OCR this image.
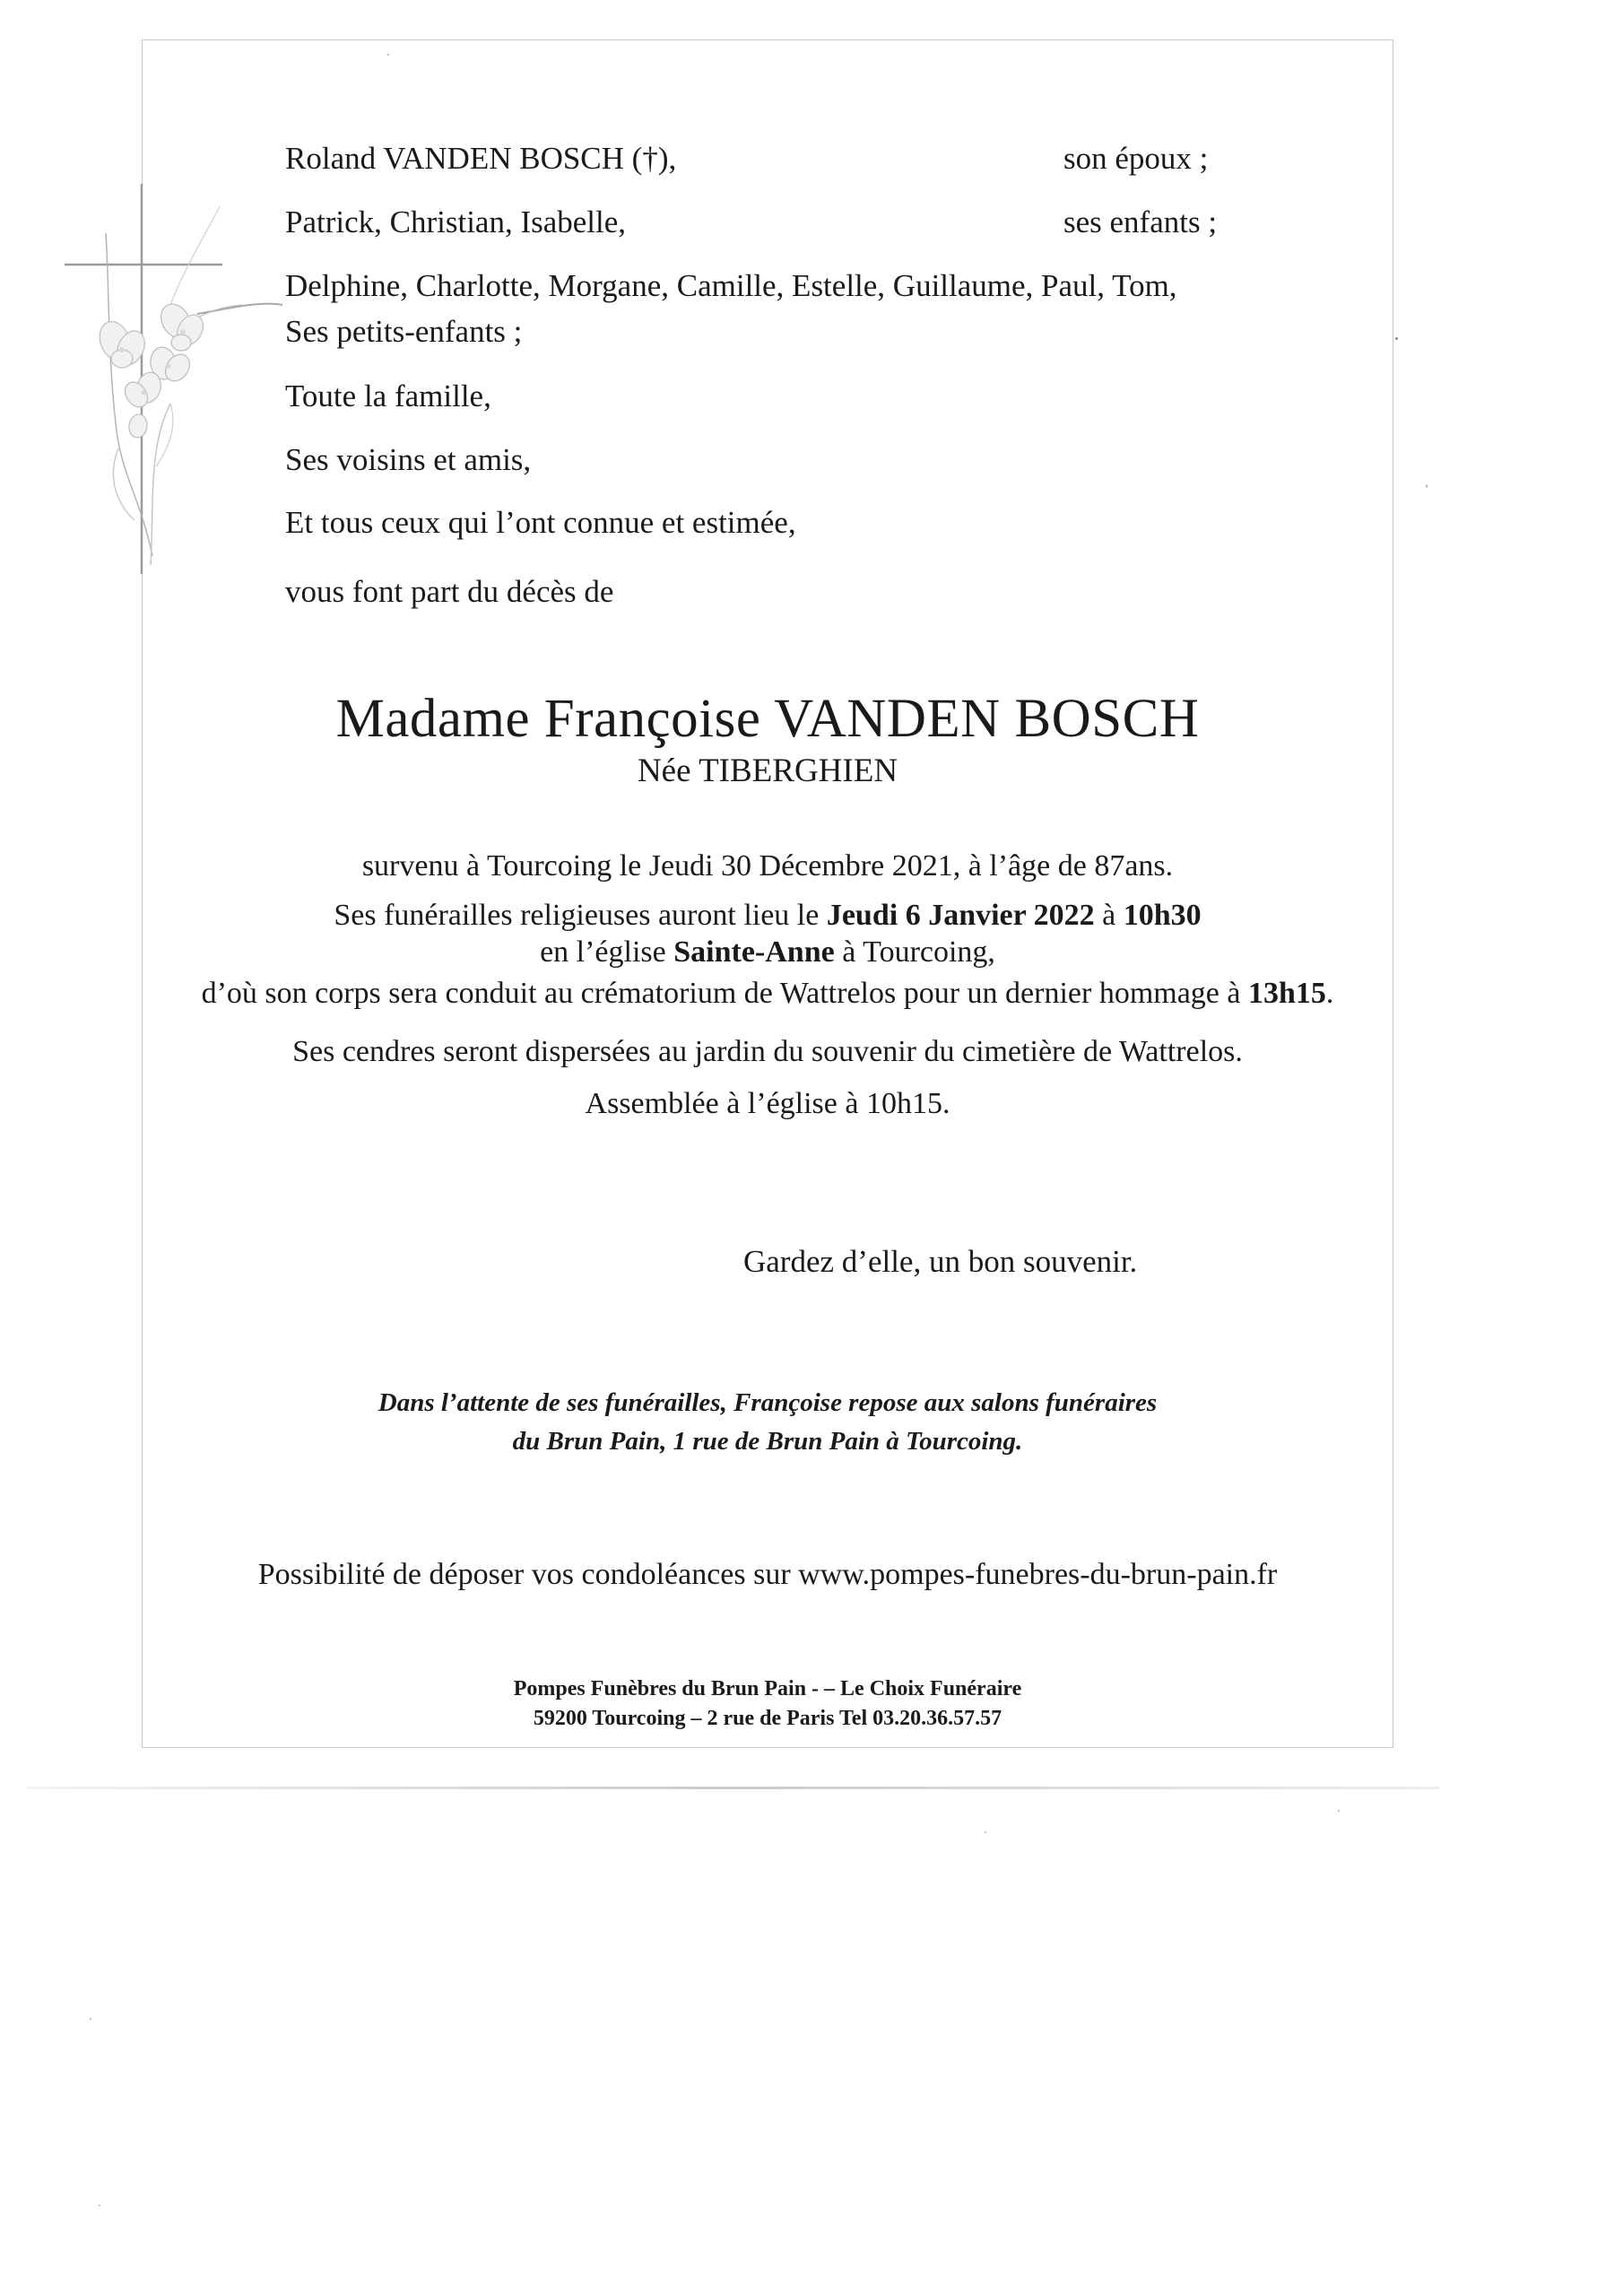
Roland VANDEN BOSCH (†),	son époux ;
Patrick, Christian, Isabelle,	ses enfants ;
Delphine, Charlotte, Morgane, Camille, Estelle, Guillaume, Paul, Tom,
Ses petits-enfants ;
Toute la famille,
Ses voisins et amis,
Et tous ceux qui l’ont connue et estimée,
vous font part du décès de
Madame Françoise VANDEN BOSCH
Née TIBERGHIEN
survenu à Tourcoing le Jeudi 30 Décembre 2021, à l’âge de 87ans.
Ses funérailles religieuses auront lieu le Jeudi 6 Janvier 2022 à 10h30
en l’église Sainte-Anne à Tourcoing,
d’où son corps sera conduit au crématorium de Wattrelos pour un dernier hommage à 13h15.
Ses cendres seront dispersées au jardin du souvenir du cimetière de Wattrelos.
Assemblée à l’église à 10h15.
Gardez d’elle, un bon souvenir.
Dans l’attente de ses funérailles, Françoise repose aux salons funéraires
du Brun Pain, 1 rue de Brun Pain à Tourcoing.
Possibilité de déposer vos condoléances sur www.pompes-funebres-du-brun-pain.fr
Pompes Funèbres du Brun Pain - – Le Choix Funéraire
59200 Tourcoing – 2 rue de Paris Tel 03.20.36.57.57
